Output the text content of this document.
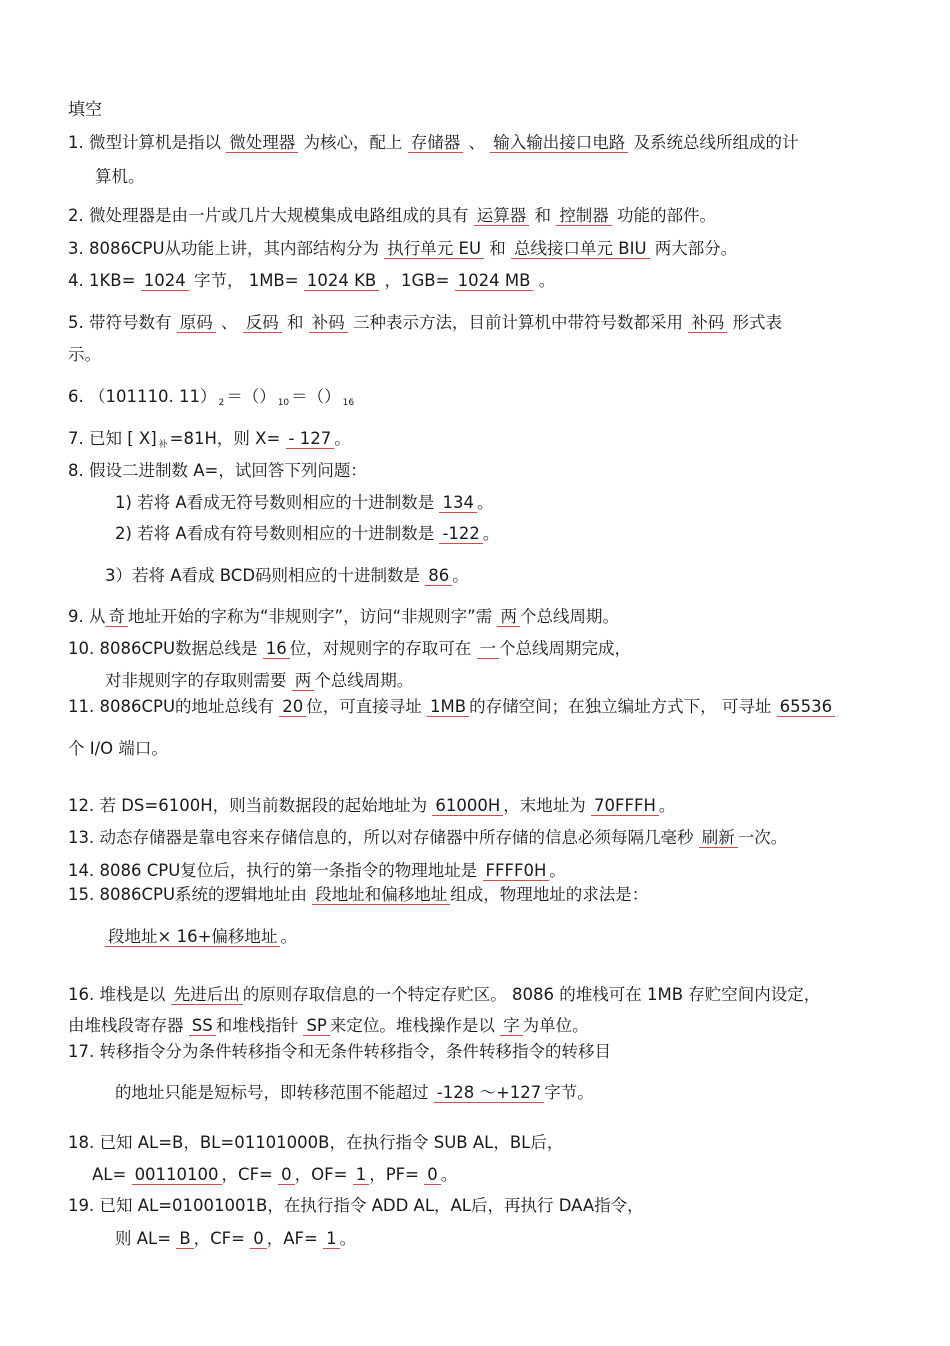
填空
1. 微型计算机是指以 微处理器 为核心，配上 存储器 、 输入输出接口电路 及系统总线所组成的计
算机。
2. 微处理器是由一片或几片大规模集成电路组成的具有 运算器 和 控制器 功能的部件。
3. 8086CPU从功能上讲，其内部结构分为 执行单元 EU 和 总线接口单元 BIU 两大部分。
4. 1KB= 1024 字节， 1MB= 1024 KB ，1GB= 1024 MB 。
5. 带符号数有 原码 、 反码 和 补码 三种表示方法，目前计算机中带符号数都采用 补码 形式表
示。
6. （101110. 11） $_2$ ＝（） $_{10}$ ＝（） $_{16}$
7. 已知 [ X] $_补$ =81H，则 X= - 127 。
8. 假设二进制数 A=，试回答下列问题：
1) 若将 A看成无符号数则相应的十进制数是 134 。
2) 若将 A看成有符号数则相应的十进制数是 -122 。
3）若将 A看成 BCD码则相应的十进制数是 86 。
9. 从 奇 地址开始的字称为“非规则字”，访问“非规则字”需 两 个总线周期。
10. 8086CPU数据总线是 16 位，对规则字的存取可在 一 个总线周期完成，
对非规则字的存取则需要 两 个总线周期。
11. 8086CPU的地址总线有 20 位，可直接寻址 1MB 的存储空间；在独立编址方式下， 可寻址 65536
个 I/O 端口。
12. 若 DS=6100H，则当前数据段的起始地址为 61000H ，末地址为 70FFFH 。
13. 动态存储器是靠电容来存储信息的，所以对存储器中所存储的信息必须每隔几毫秒 刷新 一次。
14. 8086 CPU复位后，执行的第一条指令的物理地址是 FFFF0H 。
15. 8086CPU系统的逻辑地址由 段地址和偏移地址 组成，物理地址的求法是：
段地址× 16+偏移地址 。
16. 堆栈是以 先进后出 的原则存取信息的一个特定存贮区。 8086 的堆栈可在 1MB 存贮空间内设定，
由堆栈段寄存器 SS 和堆栈指针 SP 来定位。堆栈操作是以 字 为单位。
17. 转移指令分为条件转移指令和无条件转移指令，条件转移指令的转移目
的地址只能是短标号，即转移范围不能超过 -128 ～+127 字节。
18. 已知 AL=B，BL=01101000B，在执行指令 SUB AL，BL后，
AL= 00110100 ，CF= 0 ，OF= 1 ，PF= 0 。
19. 已知 AL=01001001B，在执行指令 ADD AL，AL后，再执行 DAA指令，
则 AL= B ，CF= 0 ，AF= 1 。
